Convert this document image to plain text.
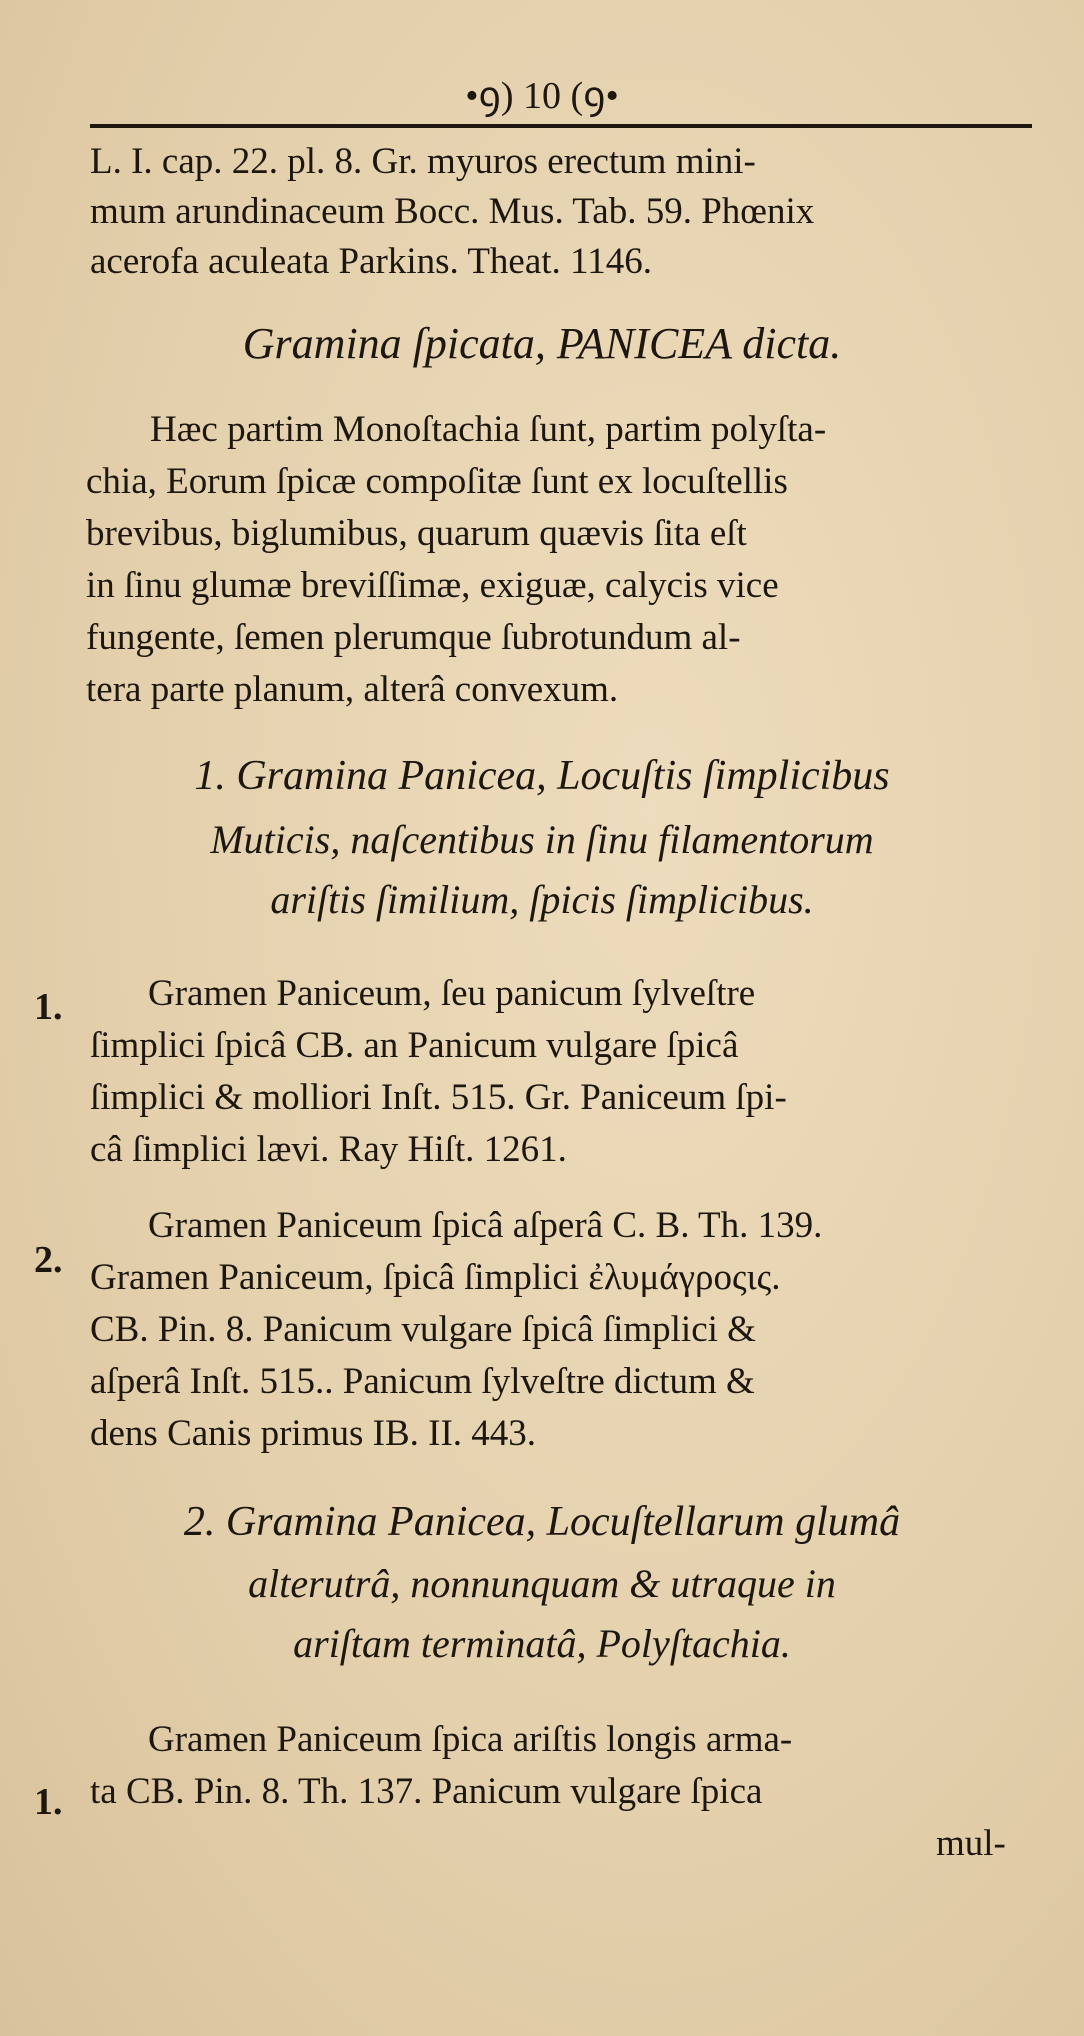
•ꝯ) 10 (ꝯ•
L. I. cap. 22. pl. 8. Gr. myuros erectum mini-
mum arundinaceum Bocc. Mus. Tab. 59. Phœnix
acerofa aculeata Parkins. Theat. 1146.
Gramina ſpicata, PANICEA dicta.
Hæc partim Monoſtachia ſunt, partim polyſta-
chia, Eorum ſpicæ compoſitæ ſunt ex locuſtellis
brevibus, biglumibus, quarum quævis ſita eſt
in ſinu glumæ breviſſimæ, exiguæ, calycis vice
fungente, ſemen plerumque ſubrotundum al-
tera parte planum, alterâ convexum.
1. Gramina Panicea, Locuſtis ſimplicibus
Muticis, naſcentibus in ſinu filamentorum
ariſtis ſimilium, ſpicis ſimplicibus.
1. Gramen Paniceum, ſeu panicum ſylveſtre
ſimplici ſpicâ CB. an Panicum vulgare ſpicâ
ſimplici & molliori Inſt. 515. Gr. Paniceum ſpi-
câ ſimplici lævi. Ray Hiſt. 1261.
2.
Gramen Paniceum ſpicâ aſperâ C. B. Th. 139.
Gramen Paniceum, ſpicâ ſimplici ἐλυμάγροςις.
CB. Pin. 8. Panicum vulgare ſpicâ ſimplici &
aſperâ Inſt. 515.. Panicum ſylveſtre dictum &
dens Canis primus IB. II. 443.
2. Gramina Panicea, Locuſtellarum glumâ
alterutrâ, nonnunquam & utraque in
ariſtam terminatâ, Polyſtachia.
1.
Gramen Paniceum ſpica ariſtis longis arma-
ta CB. Pin. 8. Th. 137. Panicum vulgare ſpica
mul-
